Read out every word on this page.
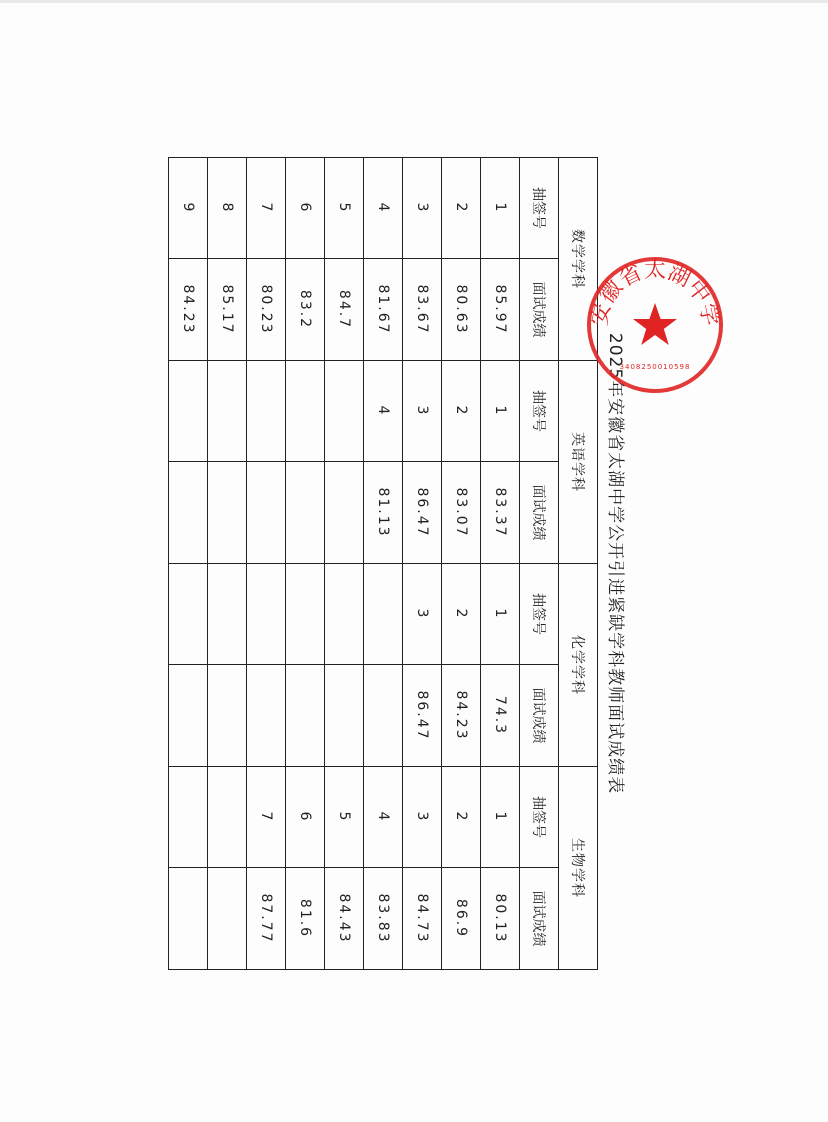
2025年安徽省太湖中学公开引进紧缺学科教师面试成绩表							
数学学科		英语学科		化学学科		生物学科	
抽签号	面试成绩	抽签号	面试成绩	抽签号	面试成绩	抽签号	面试成绩
1	85.97	1	83.37	1	74.3	1	80.13
2	80.63	2	83.07	2	84.23	2	86.9
3	83.67	3	86.47	3	86.47	3	84.73
4	81.67	4	81.13			4	83.83
5	84.7					5	84.43
6	83.2					6	81.6
7	80.23					7	87.77
8	85.17						
9	84.23							安徽省太湖中学
3408250010598
